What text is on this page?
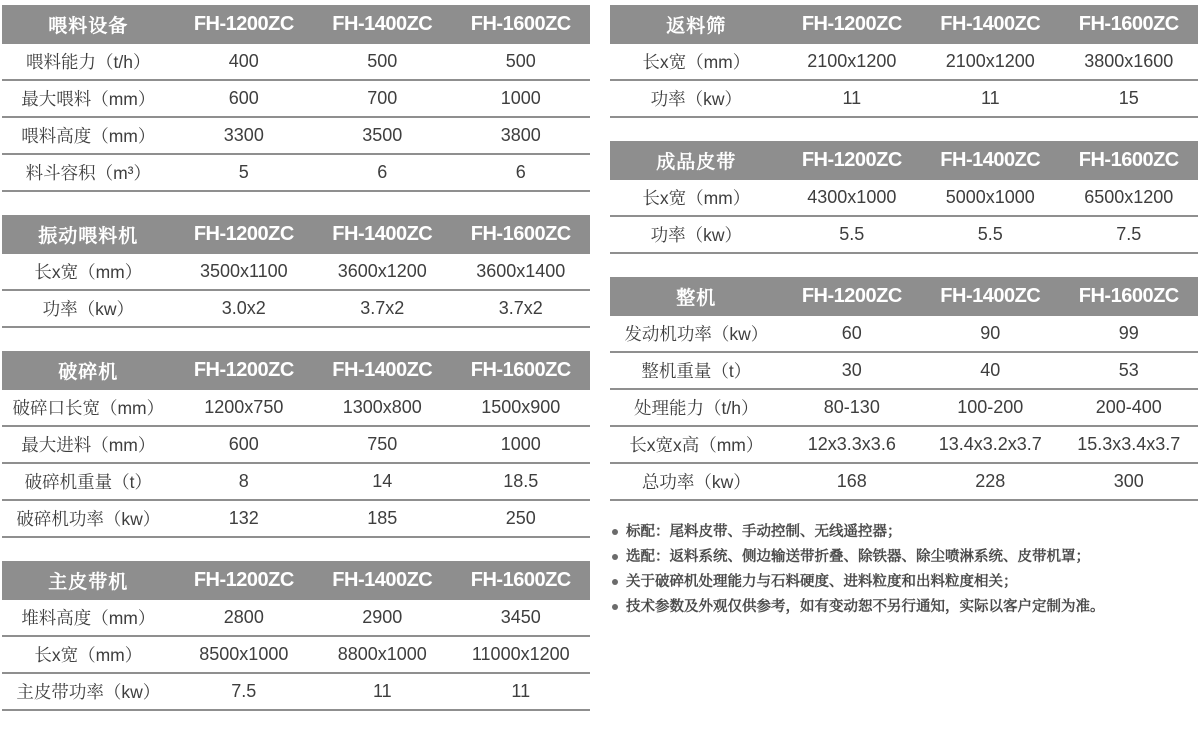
喂料设备	FH-1200ZC	FH-1400ZC	FH-1600ZC
喂料能力（t/h）	400	500	500
最大喂料（mm）	600	700	1000
喂料高度（mm）	3300	3500	3800
料斗容积（m³）	5	6	6
振动喂料机	FH-1200ZC	FH-1400ZC	FH-1600ZC
长x宽（mm）	3500x1100	3600x1200	3600x1400
功率（kw）	3.0x2	3.7x2	3.7x2
破碎机	FH-1200ZC	FH-1400ZC	FH-1600ZC
破碎口长宽（mm）	1200x750	1300x800	1500x900
最大进料（mm）	600	750	1000
破碎机重量（t）	8	14	18.5
破碎机功率（kw）	132	185	250
主皮带机	FH-1200ZC	FH-1400ZC	FH-1600ZC
堆料高度（mm）	2800	2900	3450
长x宽（mm）	8500x1000	8800x1000	11000x1200
主皮带功率（kw）	7.5	11	11
返料筛	FH-1200ZC	FH-1400ZC	FH-1600ZC
长x宽（mm）	2100x1200	2100x1200	3800x1600
功率（kw）	11	11	15
成品皮带	FH-1200ZC	FH-1400ZC	FH-1600ZC
长x宽（mm）	4300x1000	5000x1000	6500x1200
功率（kw）	5.5	5.5	7.5
整机	FH-1200ZC	FH-1400ZC	FH-1600ZC
发动机功率（kw）	60	90	99
整机重量（t）	30	40	53
处理能力（t/h）	80-130	100-200	200-400
长x宽x高（mm）	12x3.3x3.6	13.4x3.2x3.7	15.3x3.4x3.7
总功率（kw）	168	228	300
标配：尾料皮带、手动控制、无线遥控器；
选配：返料系统、侧边输送带折叠、除铁器、除尘喷淋系统、皮带机罩；
关于破碎机处理能力与石料硬度、进料粒度和出料粒度相关；
技术参数及外观仅供参考，如有变动恕不另行通知，实际以客户定制为准。
